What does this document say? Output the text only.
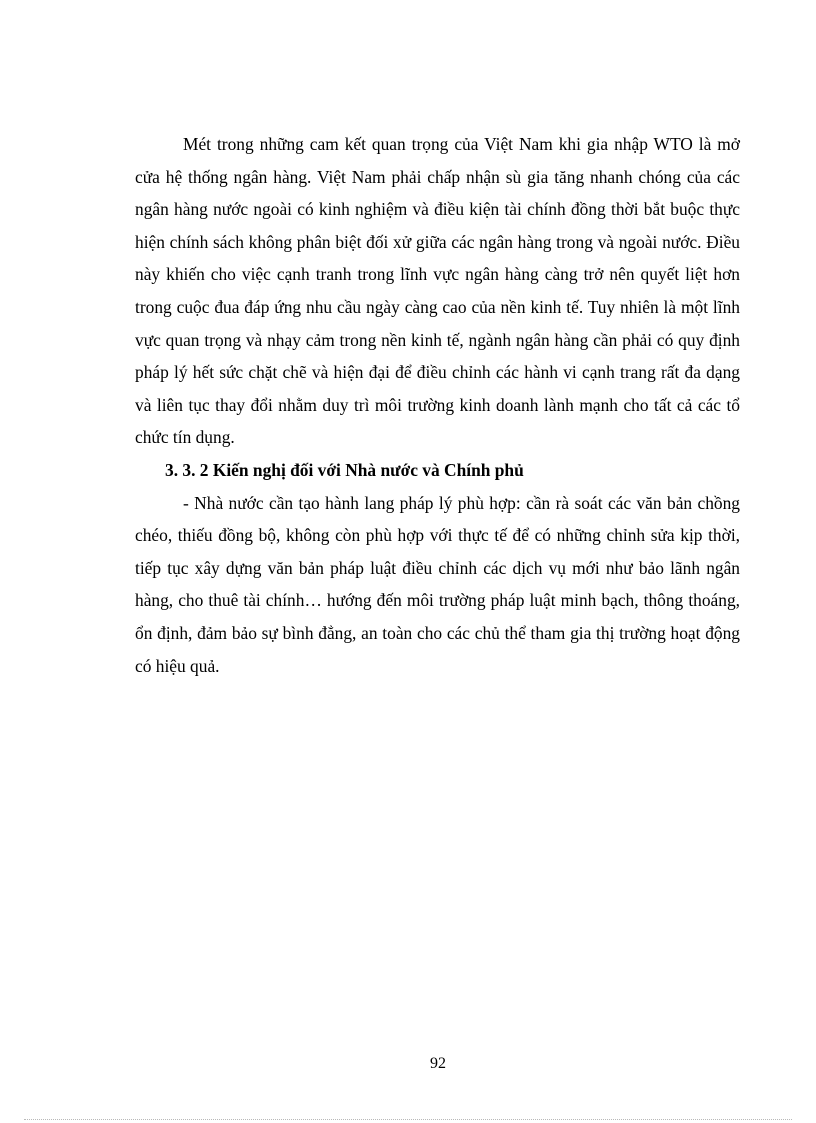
Mét trong những cam kết quan trọng của Việt Nam khi gia nhập WTO là mở cửa hệ thống ngân hàng. Việt Nam phải chấp nhận sù gia tăng nhanh chóng của các ngân hàng nước ngoài có kinh nghiệm và điều kiện tài chính đồng thời bắt buộc thực hiện chính sách không phân biệt đối xử giữa các ngân hàng trong và ngoài nước. Điều này khiến cho việc cạnh tranh trong lĩnh vực ngân hàng càng trở nên quyết liệt hơn trong cuộc đua đáp ứng nhu cầu ngày càng cao của nền kinh tế. Tuy nhiên là một lĩnh vực quan trọng và nhạy cảm trong nền kinh tế, ngành ngân hàng cần phải có quy định pháp lý hết sức chặt chẽ và hiện đại để điều chỉnh các hành vi cạnh trang rất đa dạng và liên tục thay đổi nhằm duy trì môi trường kinh doanh lành mạnh cho tất cả các tổ chức tín dụng.

3. 3. 2 Kiến nghị đối với Nhà nước và Chính phủ

- Nhà nước cần tạo hành lang pháp lý phù hợp: cần rà soát các văn bản chồng chéo, thiếu đồng bộ, không còn phù hợp với thực tế để có những chỉnh sửa kịp thời, tiếp tục xây dựng văn bản pháp luật điều chỉnh các dịch vụ mới như bảo lãnh ngân hàng, cho thuê tài chính… hướng đến môi trường pháp luật minh bạch, thông thoáng, ổn định, đảm bảo sự bình đẳng, an toàn cho các chủ thể tham gia thị trường hoạt động có hiệu quả.

92
